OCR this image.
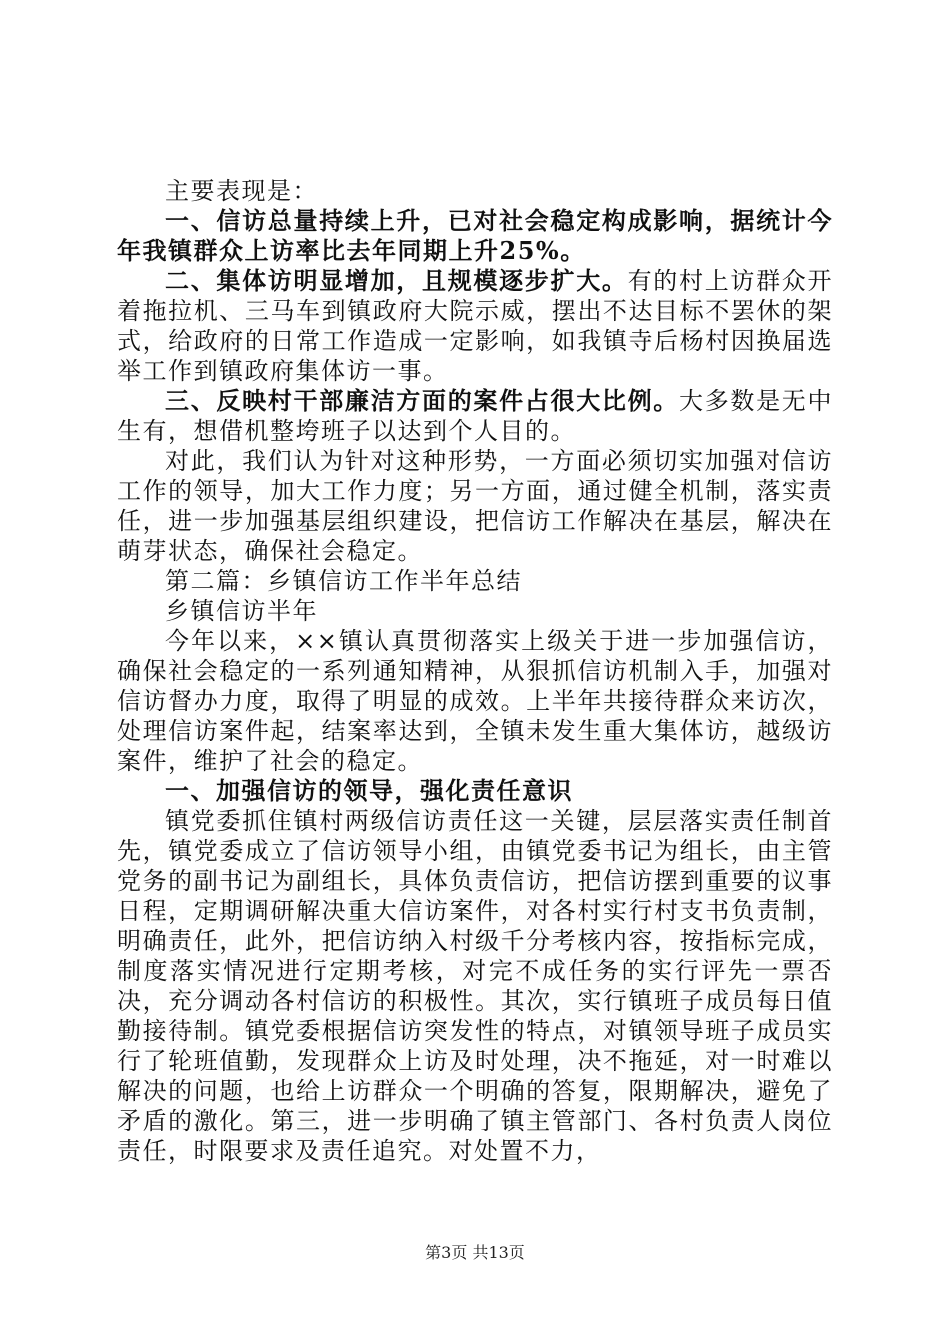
主要表现是：

一、信访总量持续上升，已对社会稳定构成影响，据统计今年我镇群众上访率比去年同期上升25%。

二、集体访明显增加，且规模逐步扩大。有的村上访群众开着拖拉机、三马车到镇政府大院示威，摆出不达目标不罢休的架式，给政府的日常工作造成一定影响，如我镇寺后杨村因换届选举工作到镇政府集体访一事。

三、反映村干部廉洁方面的案件占很大比例。大多数是无中生有，想借机整垮班子以达到个人目的。

对此，我们认为针对这种形势，一方面必须切实加强对信访工作的领导，加大工作力度；另一方面，通过健全机制，落实责任，进一步加强基层组织建设，把信访工作解决在基层，解决在萌芽状态，确保社会稳定。

第二篇：乡镇信访工作半年总结

乡镇信访半年

今年以来，××镇认真贯彻落实上级关于进一步加强信访，确保社会稳定的一系列通知精神，从狠抓信访机制入手，加强对信访督办力度，取得了明显的成效。上半年共接待群众来访次，处理信访案件起，结案率达到，全镇未发生重大集体访，越级访案件，维护了社会的稳定。

一、加强信访的领导，强化责任意识

镇党委抓住镇村两级信访责任这一关键，层层落实责任制首先，镇党委成立了信访领导小组，由镇党委书记为组长，由主管党务的副书记为副组长，具体负责信访，把信访摆到重要的议事日程，定期调研解决重大信访案件，对各村实行村支书负责制，明确责任，此外，把信访纳入村级千分考核内容，按指标完成，制度落实情况进行定期考核，对完不成任务的实行评先一票否决，充分调动各村信访的积极性。其次，实行镇班子成员每日值勤接待制。镇党委根据信访突发性的特点，对镇领导班子成员实行了轮班值勤，发现群众上访及时处理，决不拖延，对一时难以解决的问题，也给上访群众一个明确的答复，限期解决，避免了矛盾的激化。第三，进一步明确了镇主管部门、各村负责人岗位责任，时限要求及责任追究。对处置不力，

第3页 共13页
